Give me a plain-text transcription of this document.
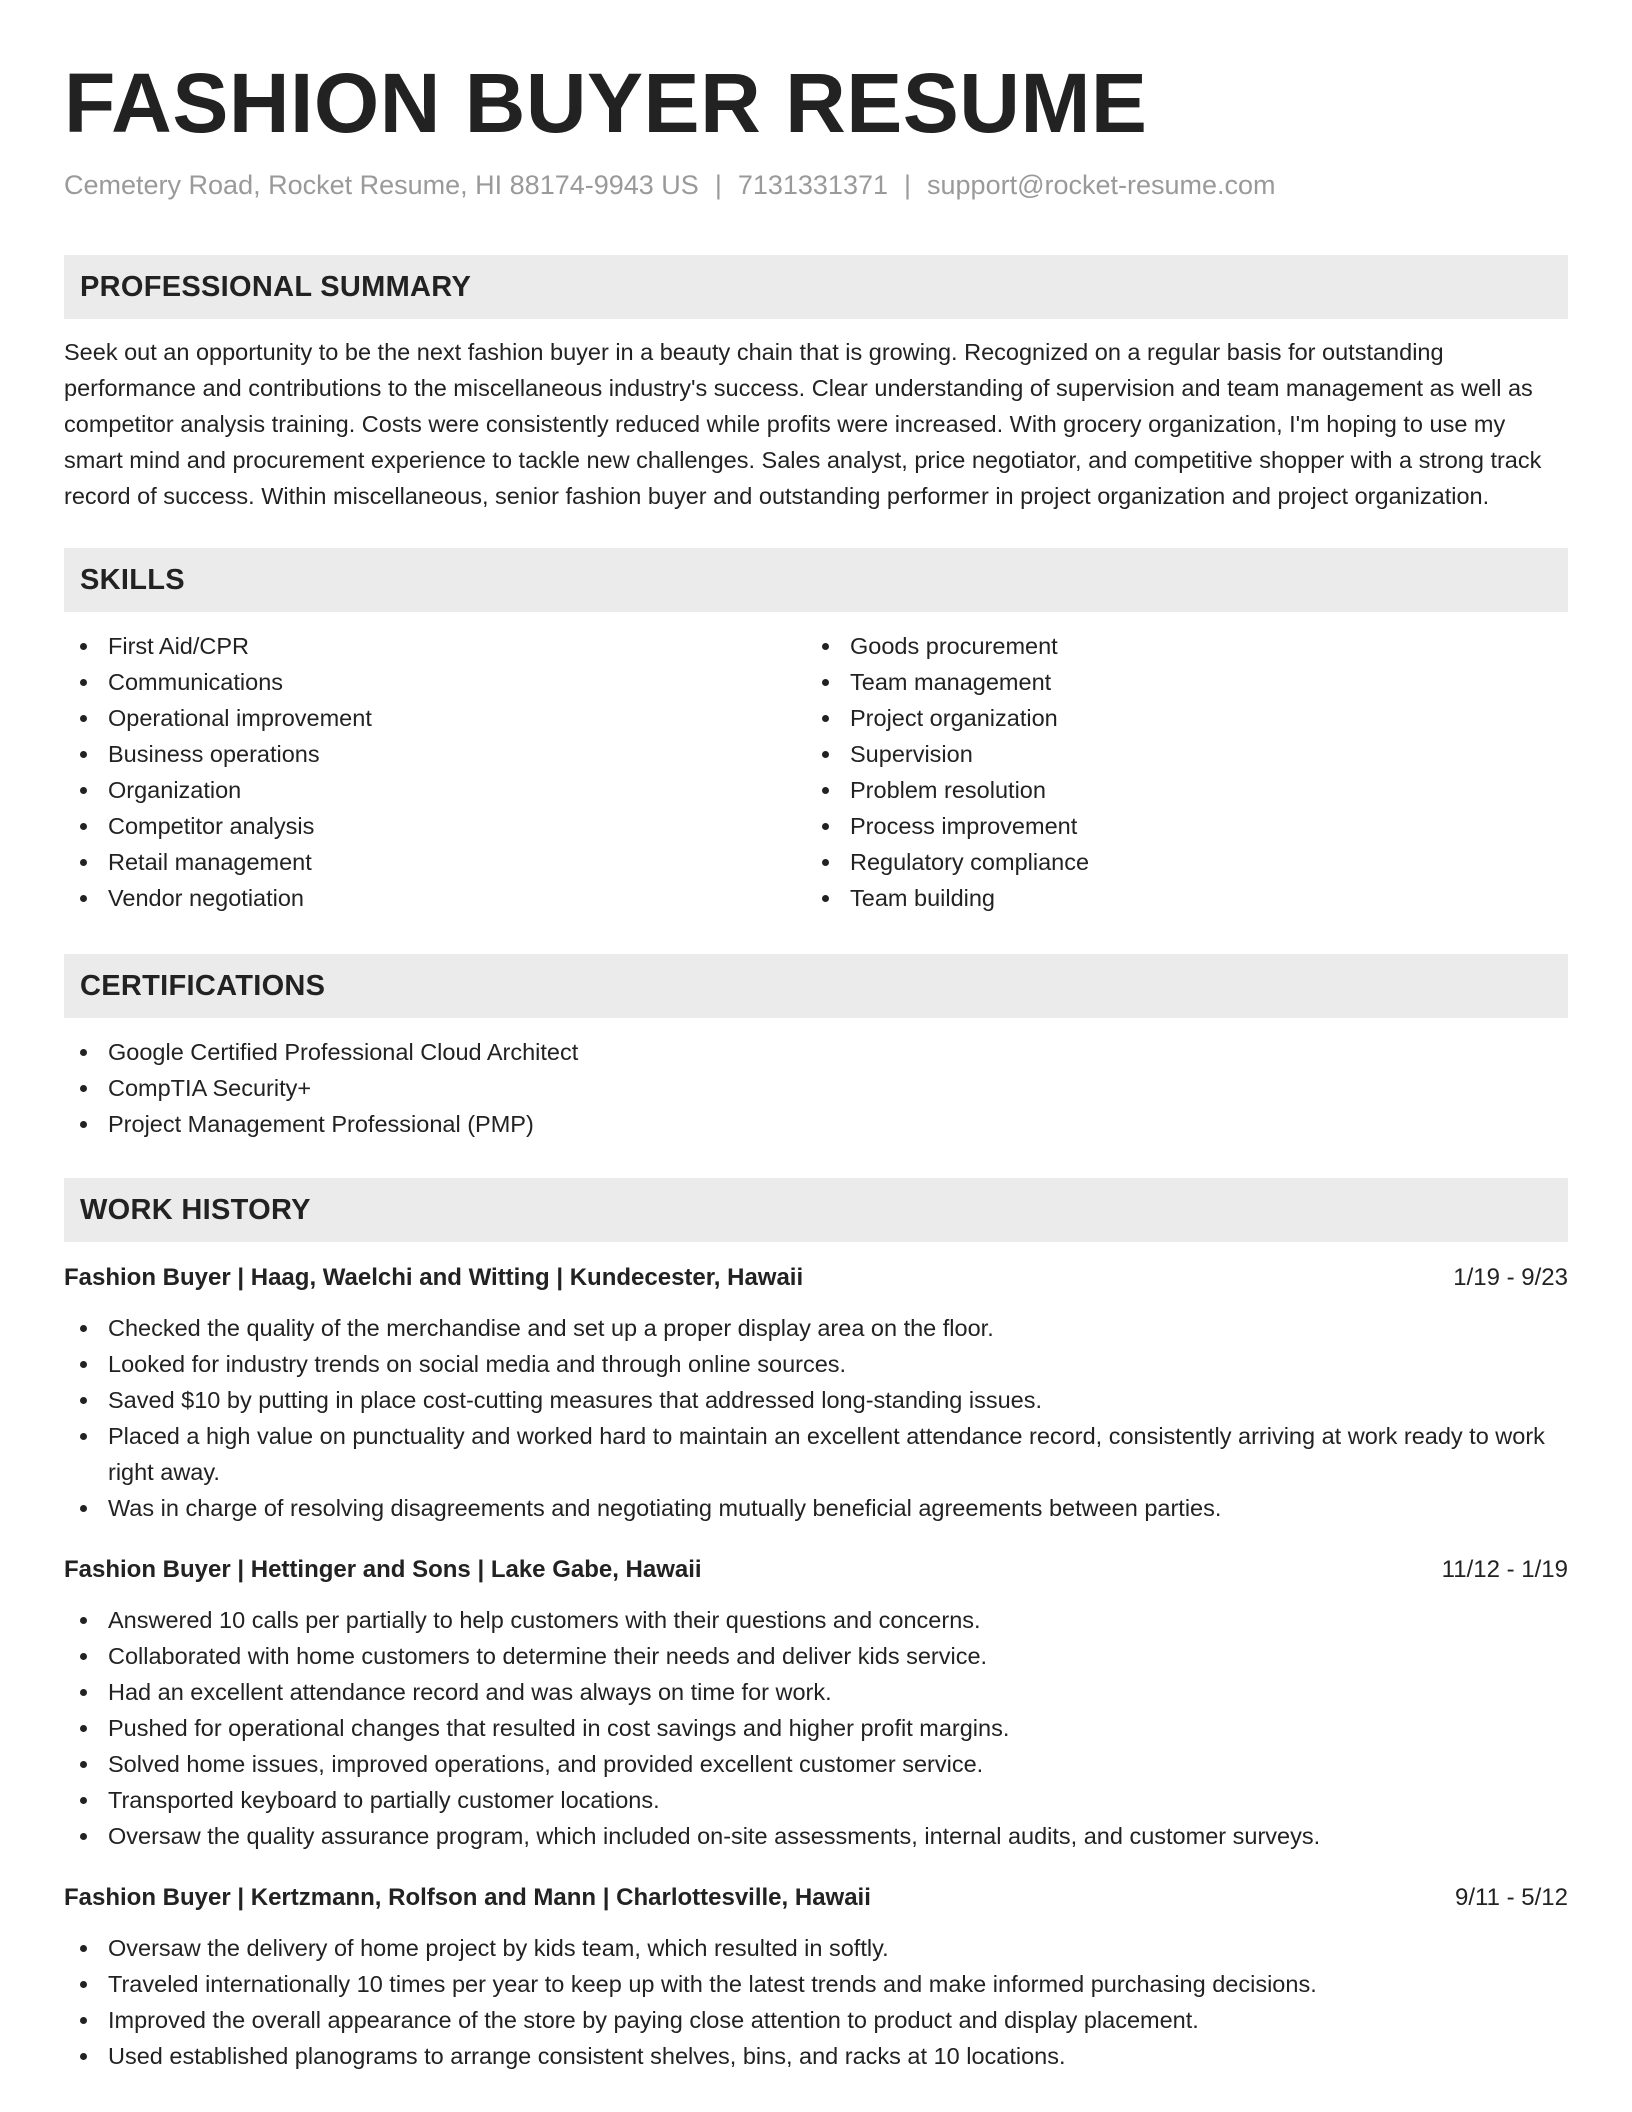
FASHION BUYER RESUME
Cemetery Road, Rocket Resume, HI 88174-9943 US | 7131331371 | support@rocket-resume.com
PROFESSIONAL SUMMARY
Seek out an opportunity to be the next fashion buyer in a beauty chain that is growing. Recognized on a regular basis for outstanding performance and contributions to the miscellaneous industry's success. Clear understanding of supervision and team management as well as competitor analysis training. Costs were consistently reduced while profits were increased. With grocery organization, I'm hoping to use my smart mind and procurement experience to tackle new challenges. Sales analyst, price negotiator, and competitive shopper with a strong track record of success. Within miscellaneous, senior fashion buyer and outstanding performer in project organization and project organization.
SKILLS
First Aid/CPR
Communications
Operational improvement
Business operations
Organization
Competitor analysis
Retail management
Vendor negotiation
Goods procurement
Team management
Project organization
Supervision
Problem resolution
Process improvement
Regulatory compliance
Team building
CERTIFICATIONS
Google Certified Professional Cloud Architect
CompTIA Security+
Project Management Professional (PMP)
WORK HISTORY
Fashion Buyer | Haag, Waelchi and Witting | Kundecester, Hawaii	1/19 - 9/23
Checked the quality of the merchandise and set up a proper display area on the floor.
Looked for industry trends on social media and through online sources.
Saved $10 by putting in place cost-cutting measures that addressed long-standing issues.
Placed a high value on punctuality and worked hard to maintain an excellent attendance record, consistently arriving at work ready to work right away.
Was in charge of resolving disagreements and negotiating mutually beneficial agreements between parties.
Fashion Buyer | Hettinger and Sons | Lake Gabe, Hawaii	11/12 - 1/19
Answered 10 calls per partially to help customers with their questions and concerns.
Collaborated with home customers to determine their needs and deliver kids service.
Had an excellent attendance record and was always on time for work.
Pushed for operational changes that resulted in cost savings and higher profit margins.
Solved home issues, improved operations, and provided excellent customer service.
Transported keyboard to partially customer locations.
Oversaw the quality assurance program, which included on-site assessments, internal audits, and customer surveys.
Fashion Buyer | Kertzmann, Rolfson and Mann | Charlottesville, Hawaii	9/11 - 5/12
Oversaw the delivery of home project by kids team, which resulted in softly.
Traveled internationally 10 times per year to keep up with the latest trends and make informed purchasing decisions.
Improved the overall appearance of the store by paying close attention to product and display placement.
Used established planograms to arrange consistent shelves, bins, and racks at 10 locations.
